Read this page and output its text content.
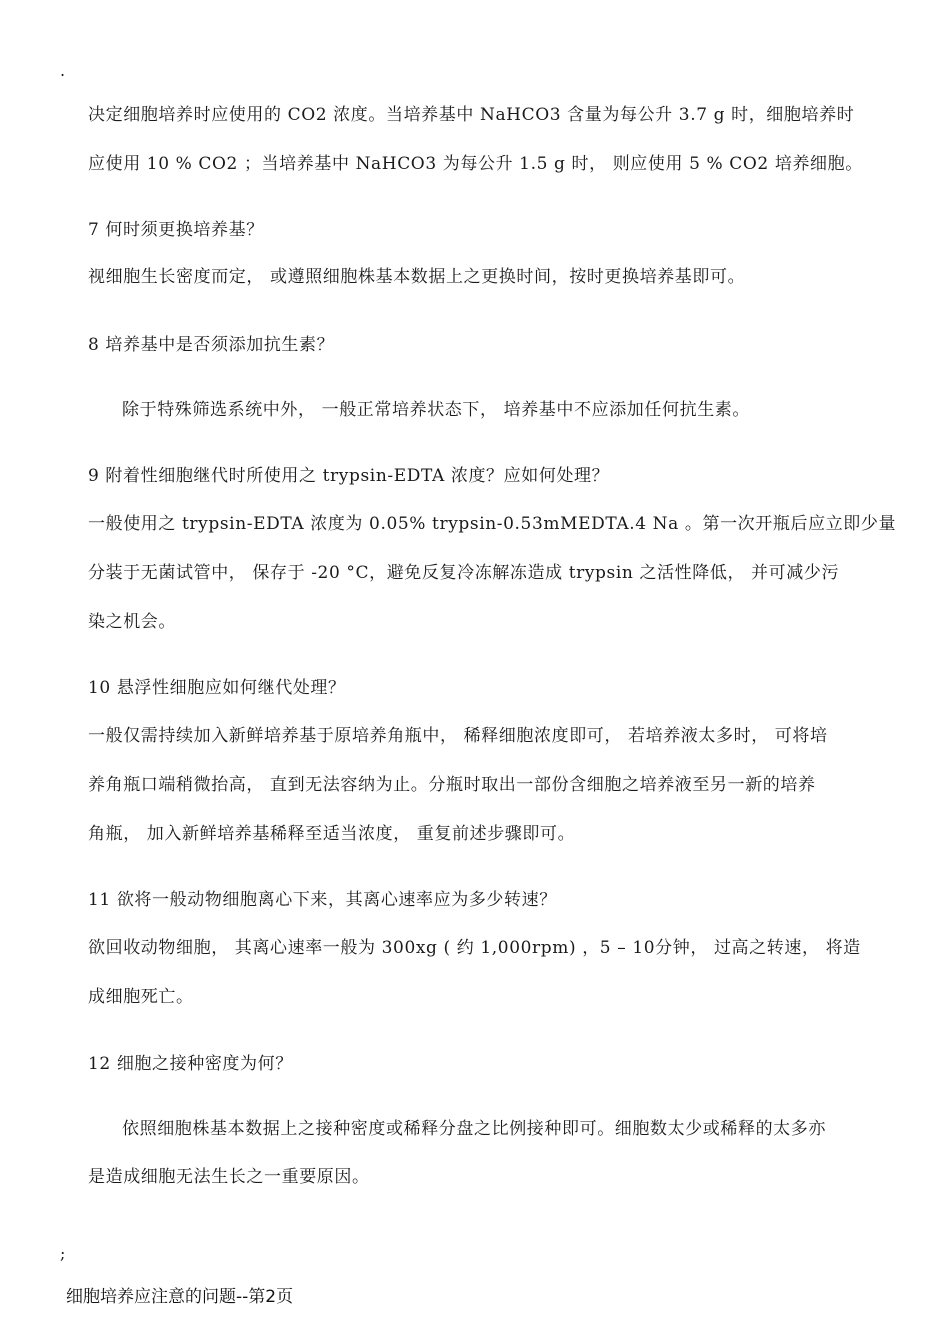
.
决定细胞培养时应使用的 CO2 浓度。当培养基中 NaHCO3 含量为每公升 3.7 g 时，细胞培养时
应使用 10 % CO2 ；当培养基中 NaHCO3 为每公升 1.5 g 时， 则应使用 5 % CO2 培养细胞。
7 何时须更换培养基？
视细胞生长密度而定， 或遵照细胞株基本数据上之更换时间，按时更换培养基即可。
8 培养基中是否须添加抗生素？
除于特殊筛选系统中外， 一般正常培养状态下， 培养基中不应添加任何抗生素。
9 附着性细胞继代时所使用之 trypsin-EDTA 浓度？应如何处理？
一般使用之 trypsin-EDTA 浓度为 0.05% trypsin-0.53mMEDTA.4 Na 。第一次开瓶后应立即少量
分装于无菌试管中， 保存于 -20 °C，避免反复冷冻解冻造成 trypsin 之活性降低， 并可减少污
染之机会。
10 悬浮性细胞应如何继代处理？
一般仅需持续加入新鲜培养基于原培养角瓶中， 稀释细胞浓度即可， 若培养液太多时， 可将培
养角瓶口端稍微抬高， 直到无法容纳为止。分瓶时取出一部份含细胞之培养液至另一新的培养
角瓶， 加入新鲜培养基稀释至适当浓度， 重复前述步骤即可。
11 欲将一般动物细胞离心下来，其离心速率应为多少转速？
欲回收动物细胞， 其离心速率一般为 300xg ( 约 1,000rpm) ，5 – 10分钟， 过高之转速， 将造
成细胞死亡。
12 细胞之接种密度为何？
依照细胞株基本数据上之接种密度或稀释分盘之比例接种即可。细胞数太少或稀释的太多亦
是造成细胞无法生长之一重要原因。
;
细胞培养应注意的问题--第2页
